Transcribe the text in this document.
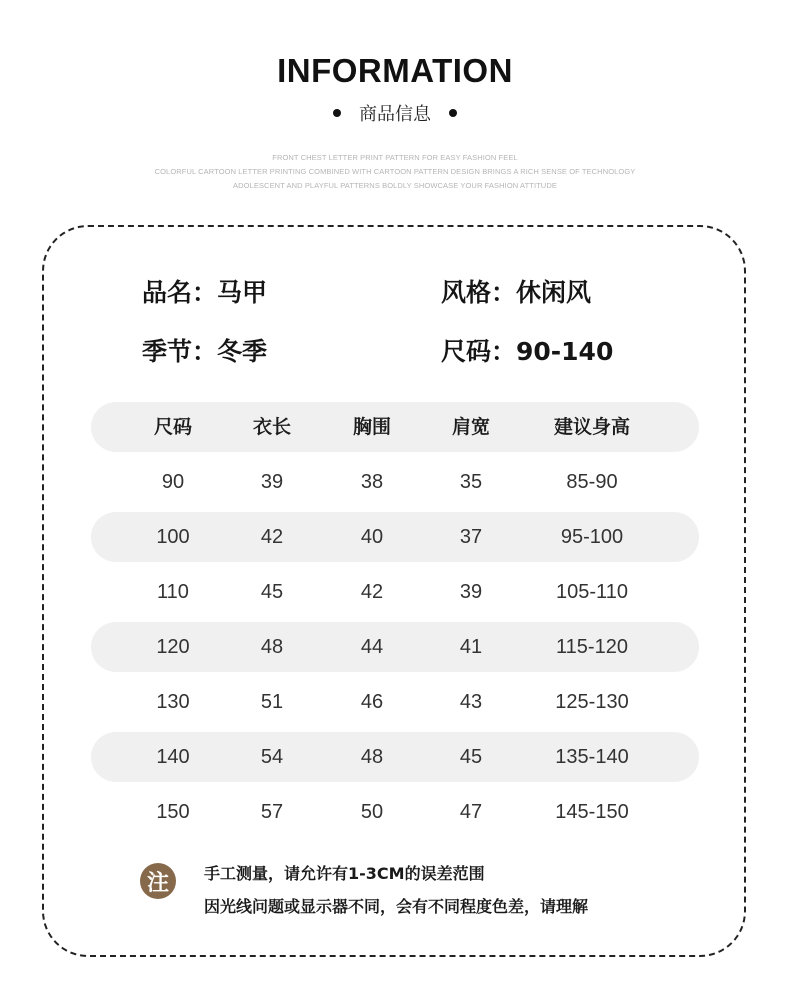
INFORMATION
商品信息
FRONT CHEST LETTER PRINT PATTERN FOR EASY FASHION FEEL
COLORFUL CARTOON LETTER PRINTING COMBINED WITH CARTOON PATTERN DESIGN BRINGS A RICH SENSE OF TECHNOLOGY
ADOLESCENT AND PLAYFUL PATTERNS BOLDLY SHOWCASE YOUR FASHION ATTITUDE
品名：马甲	风格：休闲风
季节：冬季	尺码：90-140
尺码	衣长	胸围	肩宽	建议身高
90	39	38	35	85-90
100	42	40	37	95-100
110	45	42	39	105-110
120	48	44	41	115-120
130	51	46	43	125-130
140	54	48	45	135-140
150	57	50	47	145-150
注	手工测量，请允许有1-3CM的误差范围
因光线问题或显示器不同，会有不同程度色差，请理解
